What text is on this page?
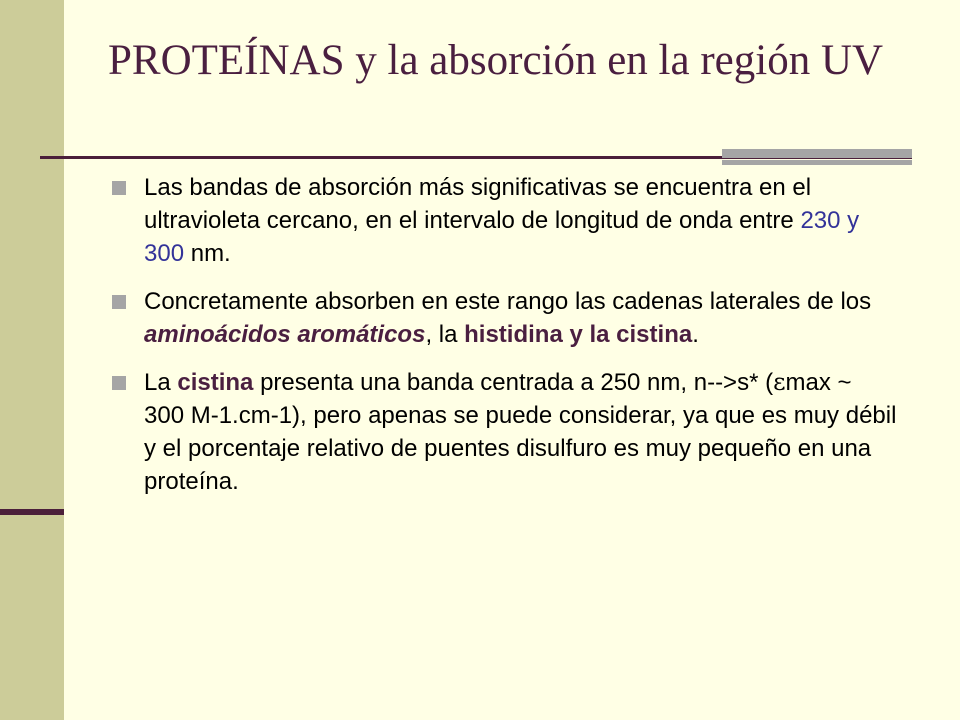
PROTEÍNAS y la absorción en la región UV
Las bandas de absorción más significativas se encuentra en el ultravioleta cercano, en el intervalo de longitud de onda entre 230 y 300 nm.
Concretamente absorben en este rango las cadenas laterales de los aminoácidos aromáticos, la histidina y la cistina.
La cistina presenta una banda centrada a 250 nm, n-->s* (εmax ~ 300 M-1.cm-1), pero apenas se puede considerar, ya que es muy débil y el porcentaje relativo de puentes disulfuro es muy pequeño en una proteína.
